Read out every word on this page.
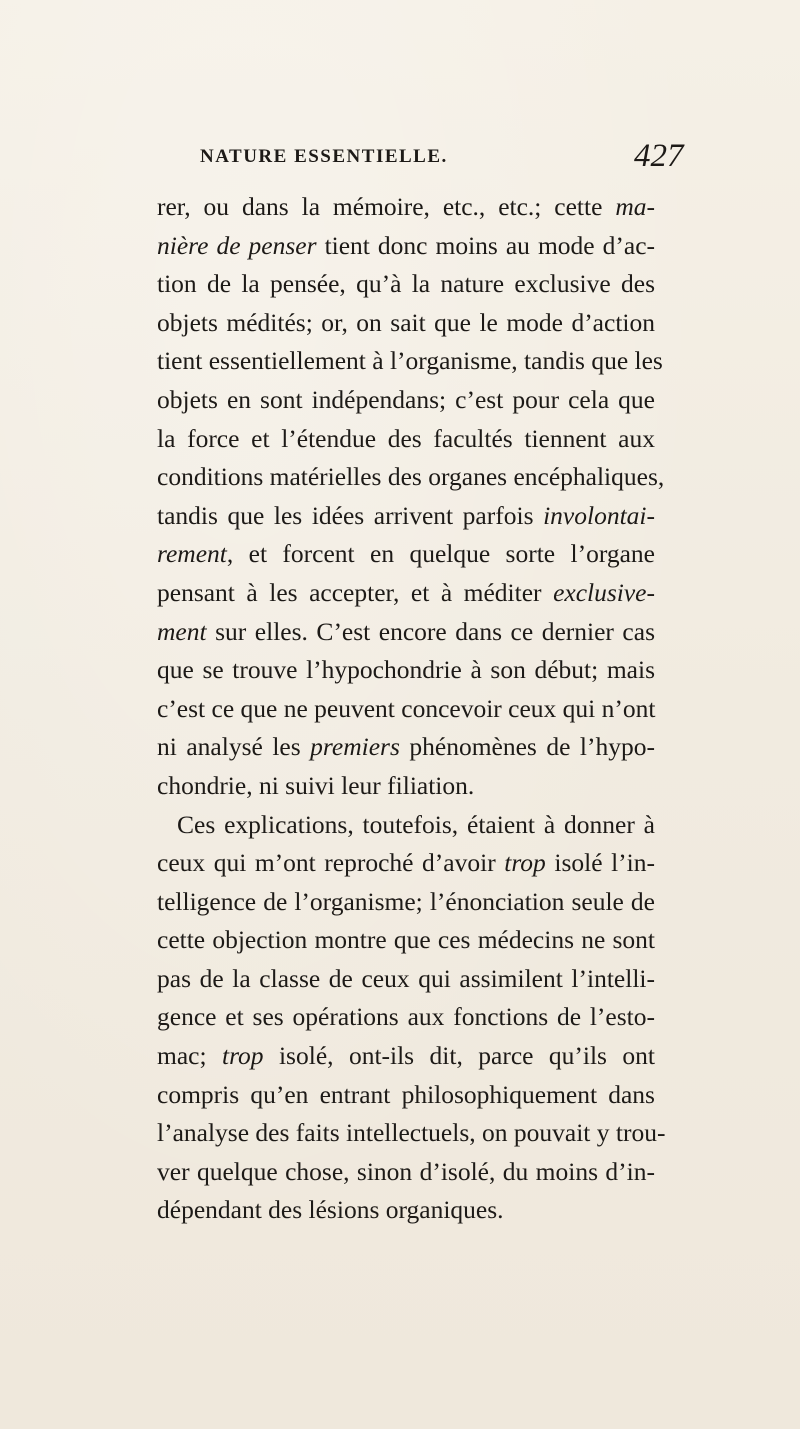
NATURE ESSENTIELLE.	427
rer, ou dans la mémoire, etc., etc.; cette ma-
nière de penser tient donc moins au mode d’ac-
tion de la pensée, qu’à la nature exclusive des
objets médités; or, on sait que le mode d’action
tient essentiellement à l’organisme, tandis que les
objets en sont indépendans; c’est pour cela que
la force et l’étendue des facultés tiennent aux
conditions matérielles des organes encéphaliques,
tandis que les idées arrivent parfois involontai-
rement, et forcent en quelque sorte l’organe
pensant à les accepter, et à méditer exclusive-
ment sur elles. C’est encore dans ce dernier cas
que se trouve l’hypochondrie à son début; mais
c’est ce que ne peuvent concevoir ceux qui n’ont
ni analysé les premiers phénomènes de l’hypo-
chondrie, ni suivi leur filiation.
Ces explications, toutefois, étaient à donner à
ceux qui m’ont reproché d’avoir trop isolé l’in-
telligence de l’organisme; l’énonciation seule de
cette objection montre que ces médecins ne sont
pas de la classe de ceux qui assimilent l’intelli-
gence et ses opérations aux fonctions de l’esto-
mac; trop isolé, ont-ils dit, parce qu’ils ont
compris qu’en entrant philosophiquement dans
l’analyse des faits intellectuels, on pouvait y trou-
ver quelque chose, sinon d’isolé, du moins d’in-
dépendant des lésions organiques.
